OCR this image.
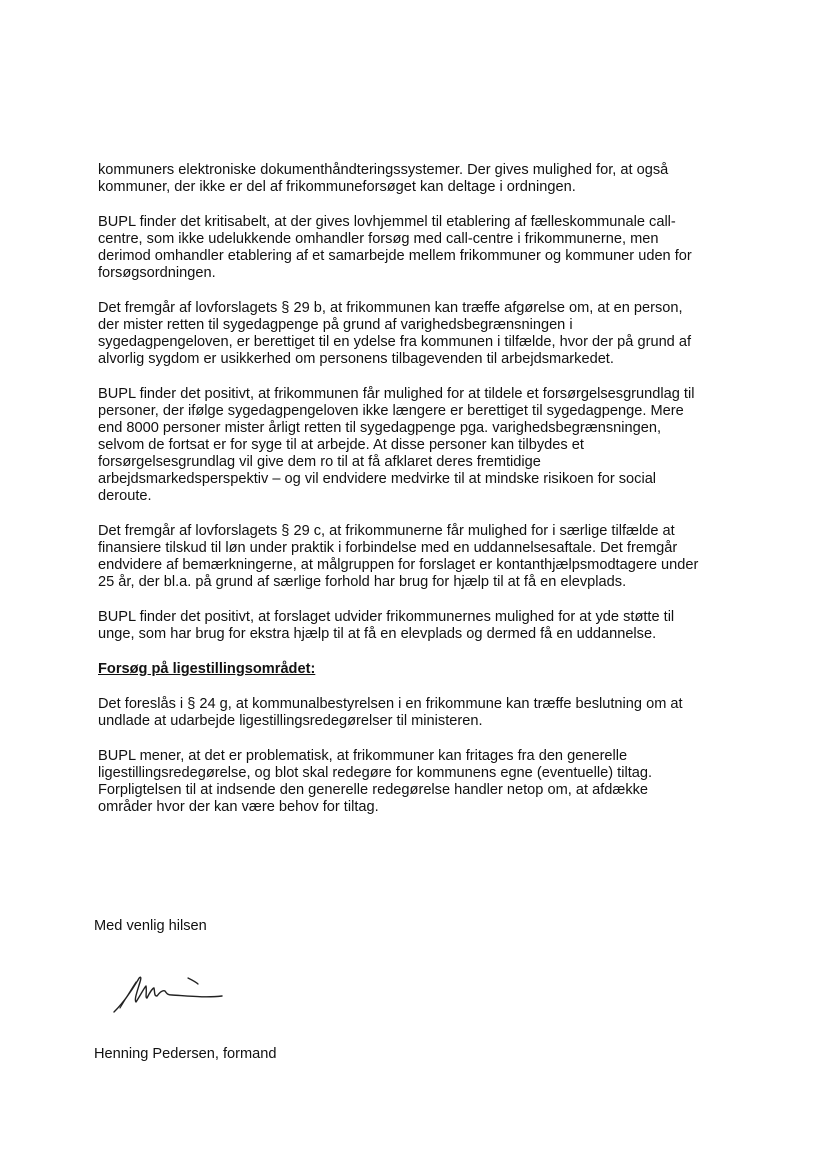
kommuners elektroniske dokumenthåndteringssystemer. Der gives mulighed for, at også
kommuner, der ikke er del af frikommuneforsøget kan deltage i ordningen.

BUPL finder det kritisabelt, at der gives lovhjemmel til etablering af fælleskommunale call-
centre, som ikke udelukkende omhandler forsøg med call-centre i frikommunerne, men
derimod omhandler etablering af et samarbejde mellem frikommuner og kommuner uden for
forsøgsordningen.

Det fremgår af lovforslagets § 29 b, at frikommunen kan træffe afgørelse om, at en person,
der mister retten til sygedagpenge på grund af varighedsbegrænsningen i
sygedagpengeloven, er berettiget til en ydelse fra kommunen i tilfælde, hvor der på grund af
alvorlig sygdom er usikkerhed om personens tilbagevenden til arbejdsmarkedet.

BUPL finder det positivt, at frikommunen får mulighed for at tildele et forsørgelsesgrundlag til
personer, der ifølge sygedagpengeloven ikke længere er berettiget til sygedagpenge. Mere
end 8000 personer mister årligt retten til sygedagpenge pga. varighedsbegrænsningen,
selvom de fortsat er for syge til at arbejde. At disse personer kan tilbydes et
forsørgelsesgrundlag vil give dem ro til at få afklaret deres fremtidige
arbejdsmarkedsperspektiv – og vil endvidere medvirke til at mindske risikoen for social
deroute.

Det fremgår af lovforslagets § 29 c, at frikommunerne får mulighed for i særlige tilfælde at
finansiere tilskud til løn under praktik i forbindelse med en uddannelsesaftale. Det fremgår
endvidere af bemærkningerne, at målgruppen for forslaget er kontanthjælpsmodtagere under
25 år, der bl.a. på grund af særlige forhold har brug for hjælp til at få en elevplads.

BUPL finder det positivt, at forslaget udvider frikommunernes mulighed for at yde støtte til
unge, som har brug for ekstra hjælp til at få en elevplads og dermed få en uddannelse.

Forsøg på ligestillingsområdet:

Det foreslås i § 24 g, at kommunalbestyrelsen i en frikommune kan træffe beslutning om at
undlade at udarbejde ligestillingsredegørelser til ministeren.

BUPL mener, at det er problematisk, at frikommuner kan fritages fra den generelle
ligestillingsredegørelse, og blot skal redegøre for kommunens egne (eventuelle) tiltag.
Forpligtelsen til at indsende den generelle redegørelse handler netop om, at afdække
områder hvor der kan være behov for tiltag.

Med venlig hilsen
Henning Pedersen, formand
